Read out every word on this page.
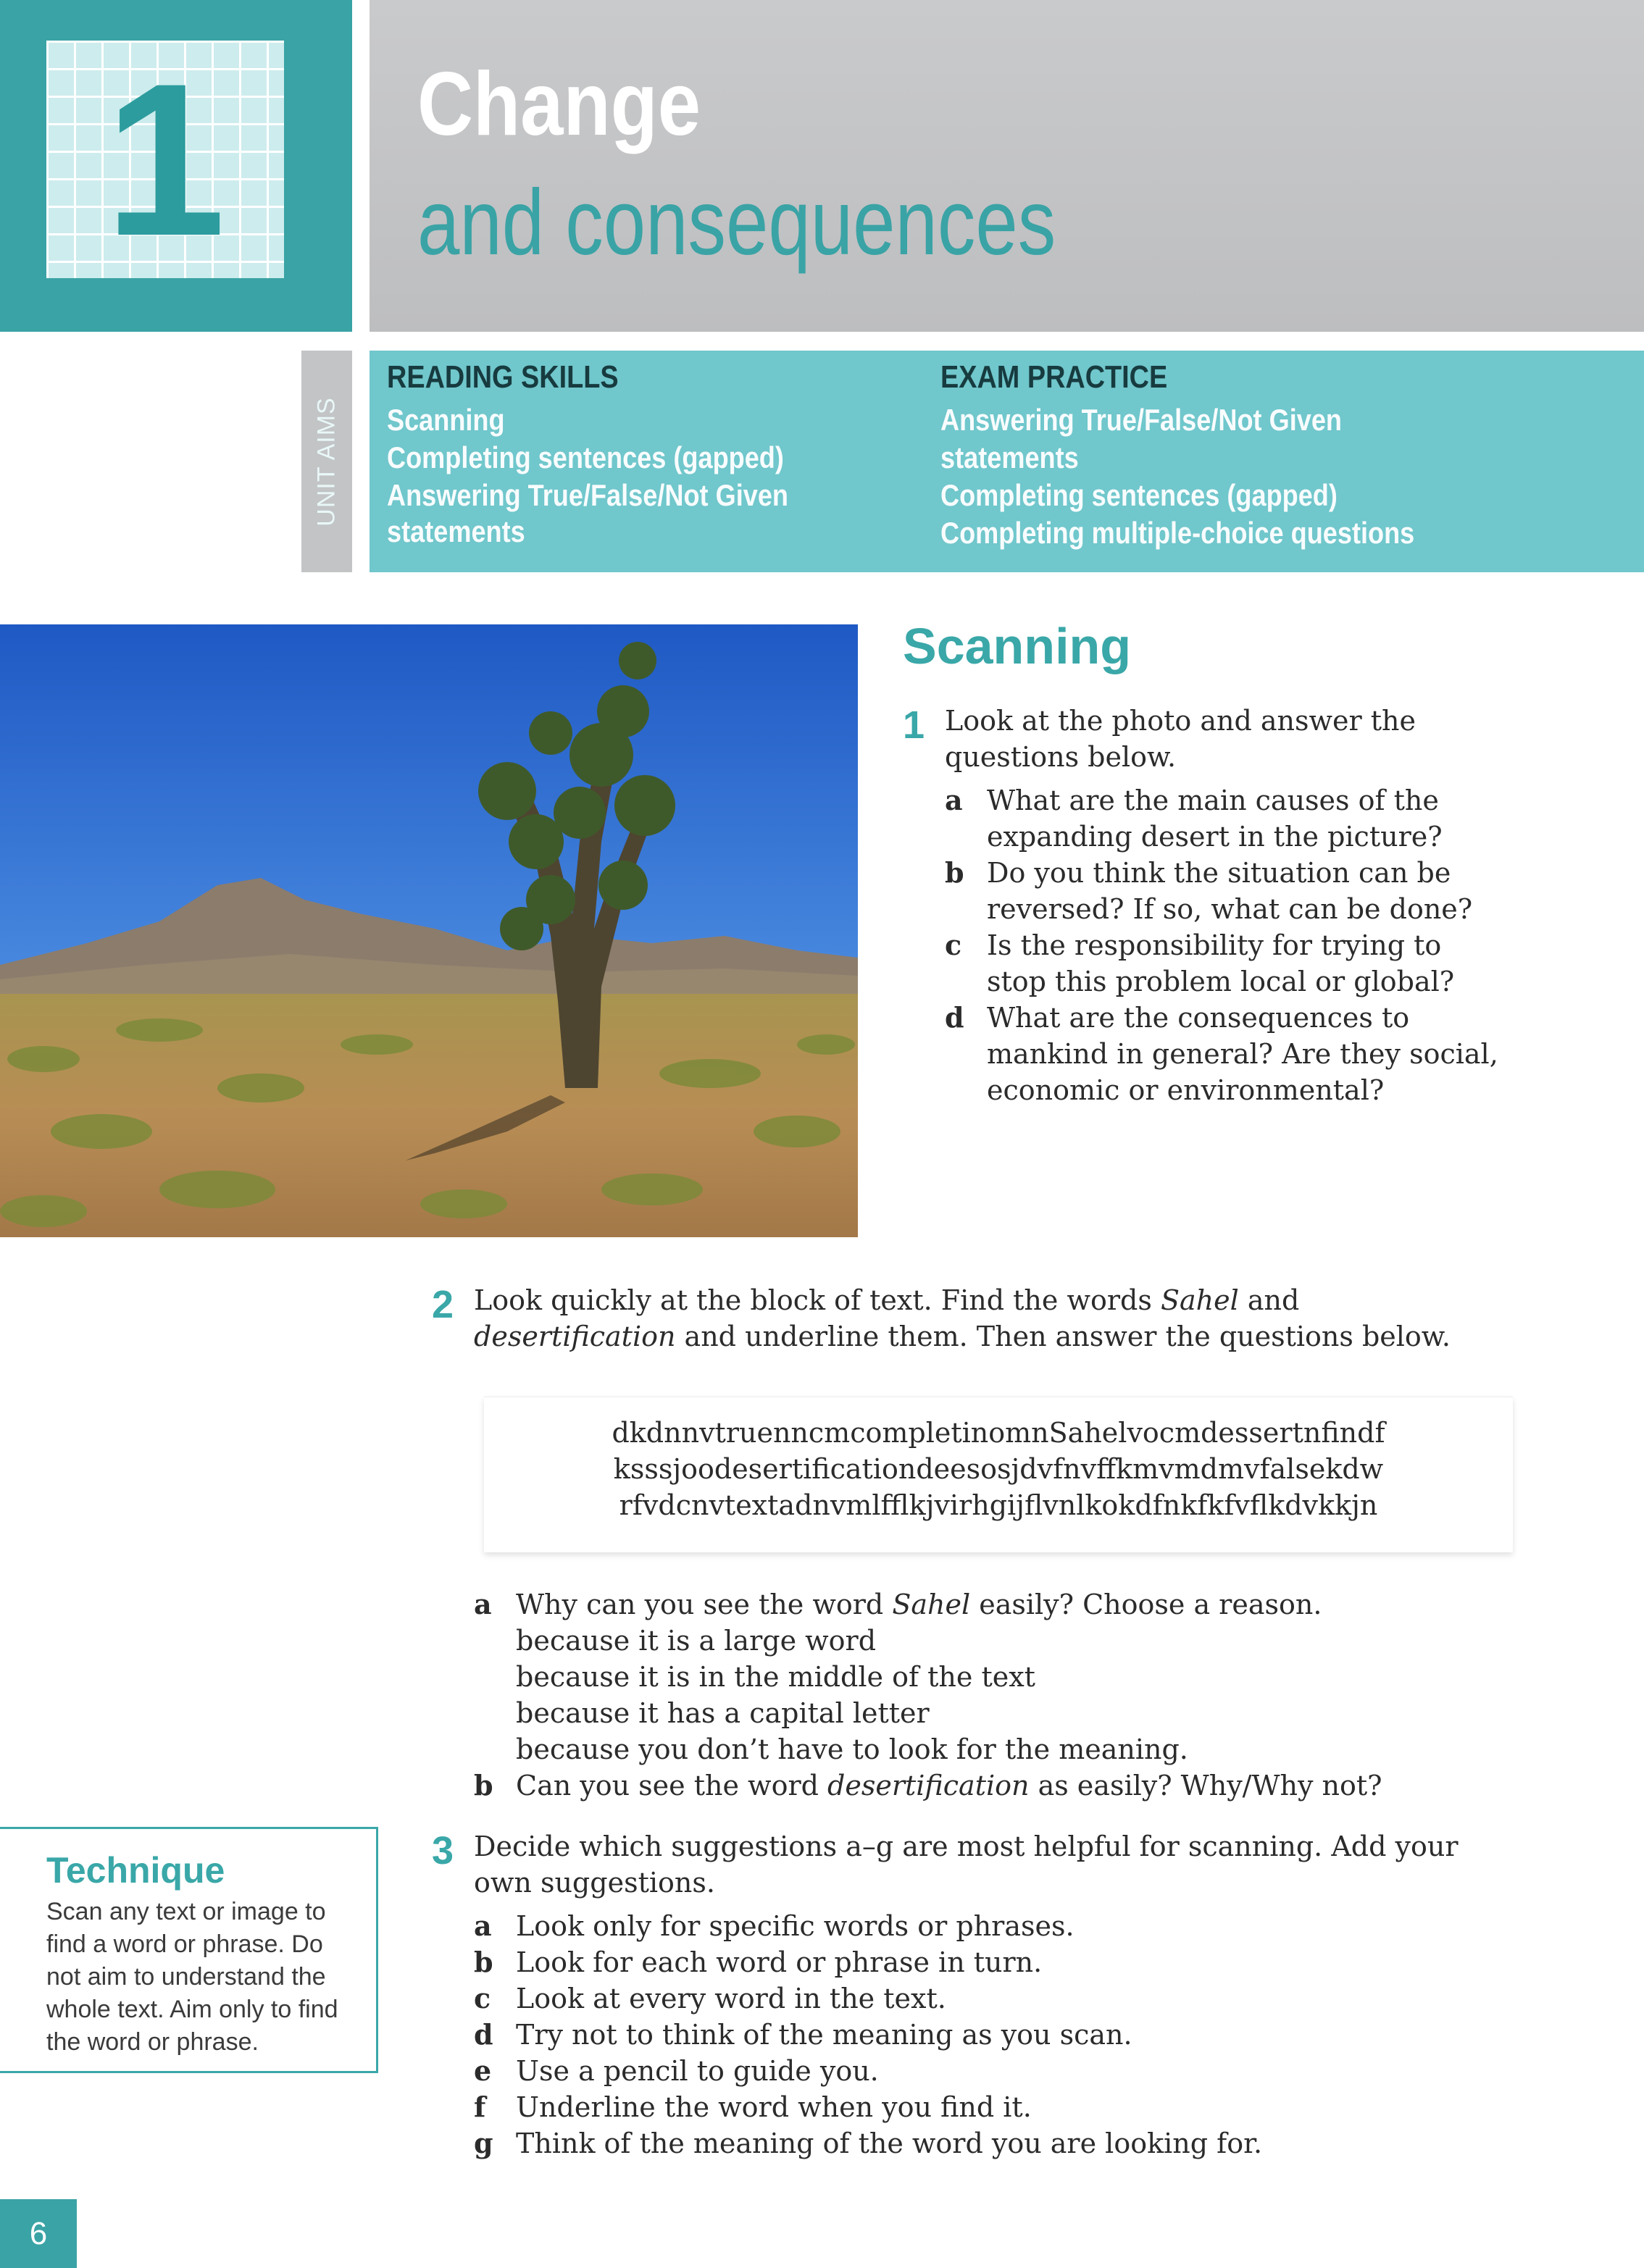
1	Change
and consequences
UNIT AIMS
READING SKILLS
Scanning
Completing sentences (gapped)
Answering True/False/Not Given
statements
EXAM PRACTICE
Answering True/False/Not Given
statements
Completing sentences (gapped)
Completing multiple-choice questions
Scanning
1 Look at the photo and answer the questions below.
a What are the main causes of the expanding desert in the picture?
b Do you think the situation can be reversed? If so, what can be done?
c Is the responsibility for trying to stop this problem local or global?
d What are the consequences to mankind in general? Are they social, economic or environmental?
2 Look quickly at the block of text. Find the words Sahel and desertification and underline them. Then answer the questions below.
dkdnnvtruenncmcompletinomnSahelvocmdessertnfindf
ksssjoodesertificationdeesosjdvfnvffkmvmdmvfalsekdw
rfvdcnvtextadnvmlfflkjvirhgijflvnlkokdfnkfkfvflkdvkkjn
a Why can you see the word Sahel easily? Choose a reason.
because it is a large word
because it is in the middle of the text
because it has a capital letter
because you don’t have to look for the meaning.
b Can you see the word desertification as easily? Why/Why not?
3 Decide which suggestions a–g are most helpful for scanning. Add your own suggestions.
a Look only for specific words or phrases.
b Look for each word or phrase in turn.
c Look at every word in the text.
d Try not to think of the meaning as you scan.
e Use a pencil to guide you.
f	Underline the word when you find it.
g Think of the meaning of the word you are looking for.
Technique
Scan any text or image to find a word or phrase. Do not aim to understand the whole text. Aim only to find the word or phrase.
6
